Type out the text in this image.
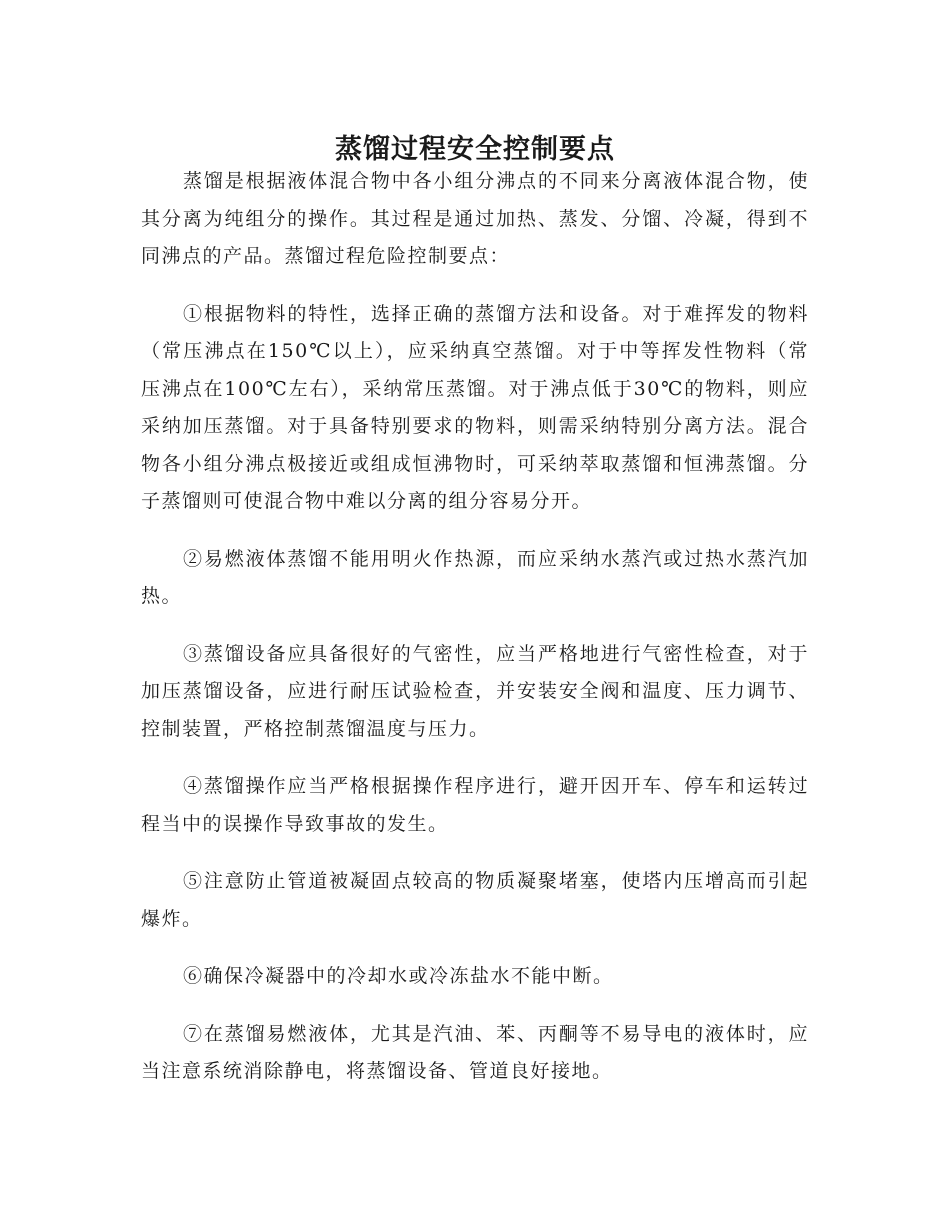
蒸馏过程安全控制要点

蒸馏是根据液体混合物中各小组分沸点的不同来分离液体混合物，使其分离为纯组分的操作。其过程是通过加热、蒸发、分馏、冷凝，得到不同沸点的产品。蒸馏过程危险控制要点：

①根据物料的特性，选择正确的蒸馏方法和设备。对于难挥发的物料（常压沸点在150℃以上），应采纳真空蒸馏。对于中等挥发性物料（常压沸点在100℃左右），采纳常压蒸馏。对于沸点低于30℃的物料，则应采纳加压蒸馏。对于具备特别要求的物料，则需采纳特别分离方法。混合物各小组分沸点极接近或组成恒沸物时，可采纳萃取蒸馏和恒沸蒸馏。分子蒸馏则可使混合物中难以分离的组分容易分开。

②易燃液体蒸馏不能用明火作热源，而应采纳水蒸汽或过热水蒸汽加热。

③蒸馏设备应具备很好的气密性，应当严格地进行气密性检查，对于加压蒸馏设备，应进行耐压试验检查，并安装安全阀和温度、压力调节、控制装置，严格控制蒸馏温度与压力。

④蒸馏操作应当严格根据操作程序进行，避开因开车、停车和运转过程当中的误操作导致事故的发生。

⑤注意防止管道被凝固点较高的物质凝聚堵塞，使塔内压增高而引起爆炸。

⑥确保冷凝器中的冷却水或冷冻盐水不能中断。

⑦在蒸馏易燃液体，尤其是汽油、苯、丙酮等不易导电的液体时，应当注意系统消除静电，将蒸馏设备、管道良好接地。
